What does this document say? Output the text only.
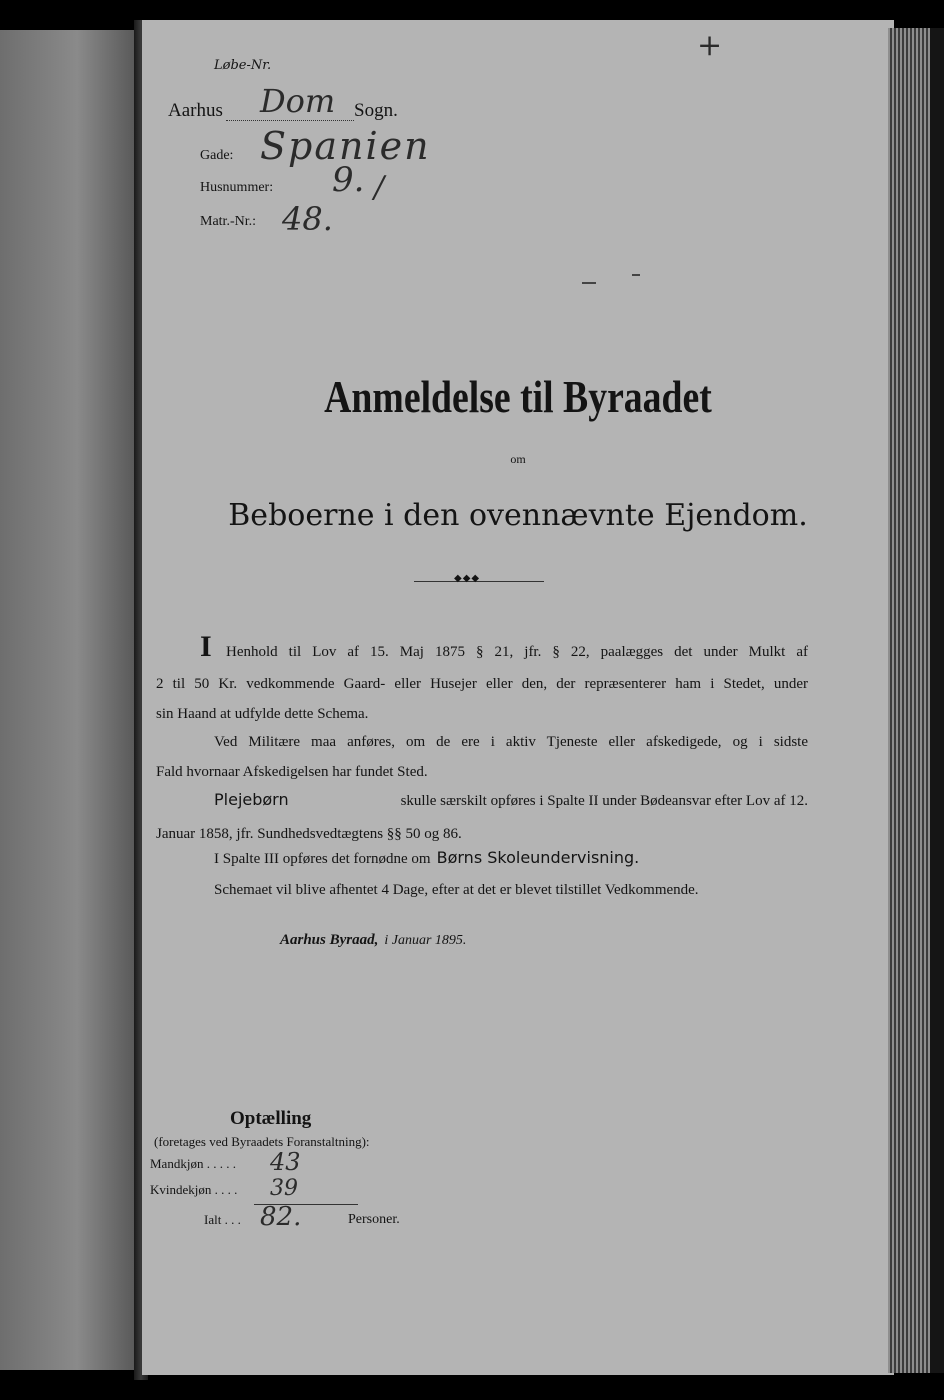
+
Løbe-Nr.
Aarhus Dom Sogn.
Gade: Spanien
Husnummer: 9. /
Matr.-Nr.: 48.
Anmeldelse til Byraadet
om
Beboerne i den ovennævnte Ejendom.
◆◆◆
I Henhold til Lov af 15. Maj 1875 § 21, jfr. § 22, paalægges det under Mulkt af
2 til 50 Kr. vedkommende Gaard- eller Husejer eller den, der repræsenterer ham i Stedet, under
sin Haand at udfylde dette Schema.
Ved Militære maa anføres, om de ere i aktiv Tjeneste eller afskedigede, og i sidste
Fald hvornaar Afskedigelsen har fundet Sted.
Plejebørn	skulle særskilt opføres i Spalte II under Bødeansvar efter Lov af 12.
Januar 1858, jfr. Sundhedsvedtægtens §§ 50 og 86.
I Spalte III opføres det fornødne om Børns Skoleundervisning.
Schemaet vil blive afhentet 4 Dage, efter at det er blevet tilstillet Vedkommende.
Aarhus Byraad, i Januar 1895.
Optælling
(foretages ved Byraadets Foranstaltning):
Mandkjøn . . . . . 43
Kvindekjøn . . . . 39
Ialt . . . 82.	Personer.
